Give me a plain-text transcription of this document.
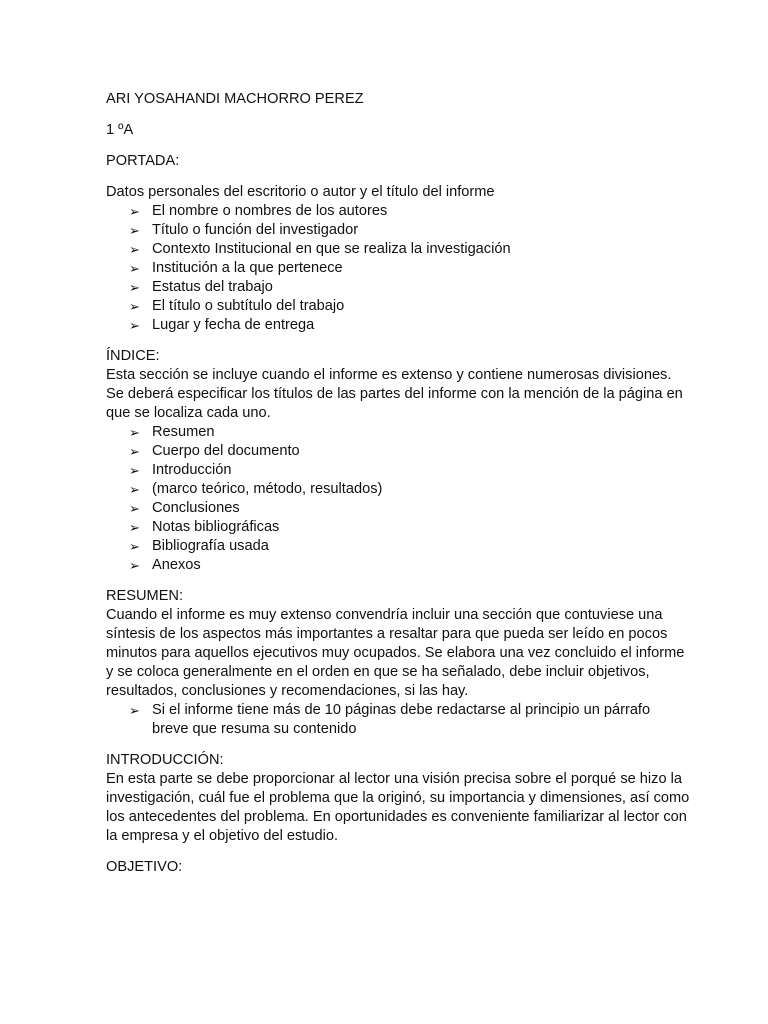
ARI YOSAHANDI MACHORRO PEREZ

1 ºA

PORTADA:

Datos personales del escritorio o autor y el título del informe

➢ El nombre o nombres de los autores
➢ Título o función del investigador
➢ Contexto Institucional en que se realiza la investigación
➢ Institución a la que pertenece
➢ Estatus del trabajo
➢ El título o subtítulo del trabajo
➢ Lugar y fecha de entrega

ÍNDICE:

Esta sección se incluye cuando el informe es extenso y contiene numerosas divisiones.
Se deberá especificar los títulos de las partes del informe con la mención de la página en
que se localiza cada uno.
➢ Resumen
➢ Cuerpo del documento
➢ Introducción
➢ (marco teórico, método, resultados)
➢ Conclusiones
➢ Notas bibliográficas
➢ Bibliografía usada
➢ Anexos

RESUMEN:

Cuando el informe es muy extenso convendría incluir una sección que contuviese una
síntesis de los aspectos más importantes a resaltar para que pueda ser leído en pocos
minutos para aquellos ejecutivos muy ocupados. Se elabora una vez concluido el informe
y se coloca generalmente en el orden en que se ha señalado, debe incluir objetivos,
resultados, conclusiones y recomendaciones, si las hay.
➢ Si el informe tiene más de 10 páginas debe redactarse al principio un párrafo
breve que resuma su contenido

INTRODUCCIÓN:

En esta parte se debe proporcionar al lector una visión precisa sobre el porqué se hizo la
investigación, cuál fue el problema que la originó, su importancia y dimensiones, así como
los antecedentes del problema. En oportunidades es conveniente familiarizar al lector con
la empresa y el objetivo del estudio.

OBJETIVO:
